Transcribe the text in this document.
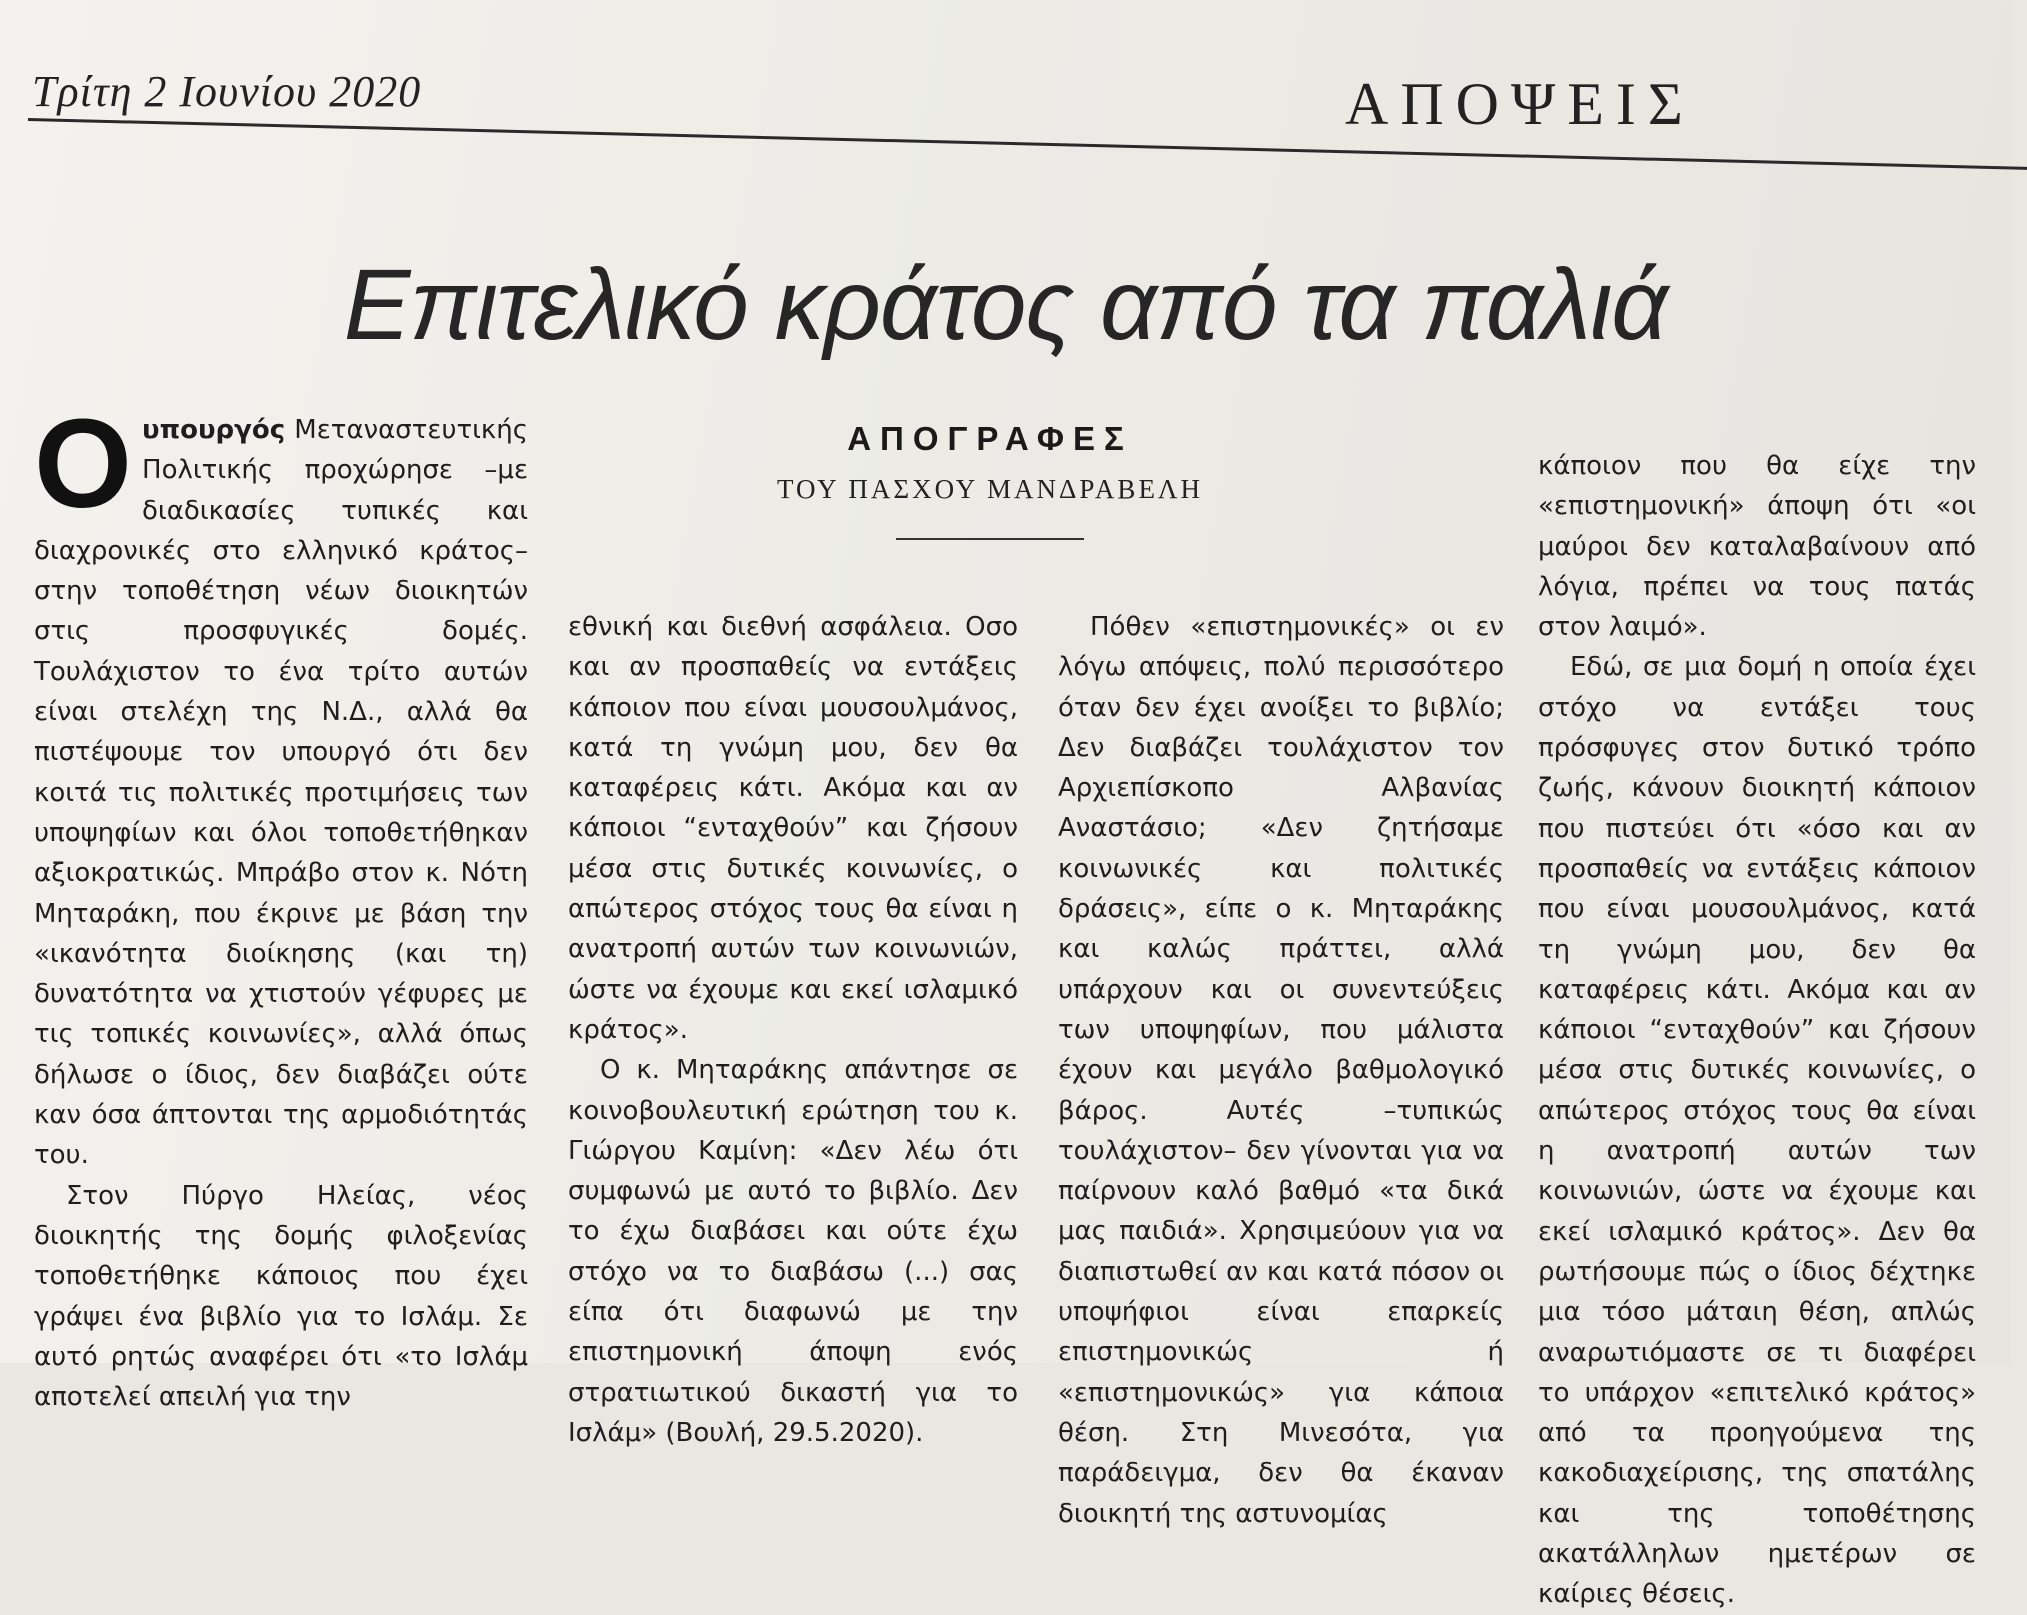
Τρίτη 2 Ιουνίου 2020	ΑΠΟΨΕΙΣ
Επιτελικό κράτος από τα παλιά
ΑΠΟΓΡΑΦΕΣ
ΤΟΥ ΠΑΣΧΟΥ ΜΑΝΔΡΑΒΕΛΗ

Ουπουργός Μεταναστευτικής Πολιτικής προχώρησε –με διαδικασίες τυπικές και διαχρονικές στο ελληνικό κράτος– στην τοποθέτηση νέων διοικητών στις προσφυγικές δομές. Τουλάχιστον το ένα τρίτο αυτών είναι στελέχη της Ν.Δ., αλλά θα πιστέψουμε τον υπουργό ότι δεν κοιτά τις πολιτικές προτιμήσεις των υποψηφίων και όλοι τοποθετήθηκαν αξιοκρατικώς. Μπράβο στον κ. Νότη Μηταράκη, που έκρινε με βάση την «ικανότητα διοίκησης (και τη) δυνατότητα να χτιστούν γέφυρες με τις τοπικές κοινωνίες», αλλά όπως δήλωσε ο ίδιος, δεν διαβάζει ούτε καν όσα άπτονται της αρμοδιότητάς του.

Στον Πύργο Ηλείας, νέος διοικητής της δομής φιλοξενίας τοποθετήθηκε κάποιος που έχει γράψει ένα βιβλίο για το Ισλάμ. Σε αυτό ρητώς αναφέρει ότι «το Ισλάμ αποτελεί απειλή για την

εθνική και διεθνή ασφάλεια. Οσο και αν προσπαθείς να εντάξεις κάποιον που είναι μουσουλμάνος, κατά τη γνώμη μου, δεν θα καταφέρεις κάτι. Ακόμα και αν κάποιοι “ενταχθούν” και ζήσουν μέσα στις δυτικές κοινωνίες, ο απώτερος στόχος τους θα είναι η ανατροπή αυτών των κοινωνιών, ώστε να έχουμε και εκεί ισλαμικό κράτος».

Ο κ. Μηταράκης απάντησε σε κοινοβουλευτική ερώτηση του κ. Γιώργου Καμίνη: «Δεν λέω ότι συμφωνώ με αυτό το βιβλίο. Δεν το έχω διαβάσει και ούτε έχω στόχο να το διαβάσω (...) σας είπα ότι διαφωνώ με την επιστημονική άποψη ενός στρατιωτικού δικαστή για το Ισλάμ» (Βουλή, 29.5.2020).

Πόθεν «επιστημονικές» οι εν λόγω απόψεις, πολύ περισσότερο όταν δεν έχει ανοίξει το βιβλίο; Δεν διαβάζει τουλάχιστον τον Αρχιεπίσκοπο Αλβανίας Αναστάσιο; «Δεν ζητήσαμε κοινωνικές και πολιτικές δράσεις», είπε ο κ. Μηταράκης και καλώς πράττει, αλλά υπάρχουν και οι συνεντεύξεις των υποψηφίων, που μάλιστα έχουν και μεγάλο βαθμολογικό βάρος. Αυτές –τυπικώς τουλάχιστον– δεν γίνονται για να παίρνουν καλό βαθμό «τα δικά μας παιδιά». Χρησιμεύουν για να διαπιστωθεί αν και κατά πόσον οι υποψήφιοι είναι επαρκείς επιστημονικώς ή «επιστημονικώς» για κάποια θέση. Στη Μινεσότα, για παράδειγμα, δεν θα έκαναν διοικητή της αστυνομίας

κάποιον που θα είχε την «επιστημονική» άποψη ότι «οι μαύροι δεν καταλαβαίνουν από λόγια, πρέπει να τους πατάς στον λαιμό».

Εδώ, σε μια δομή η οποία έχει στόχο να εντάξει τους πρόσφυγες στον δυτικό τρόπο ζωής, κάνουν διοικητή κάποιον που πιστεύει ότι «όσο και αν προσπαθείς να εντάξεις κάποιον που είναι μουσουλμάνος, κατά τη γνώμη μου, δεν θα καταφέρεις κάτι. Ακόμα και αν κάποιοι “ενταχθούν” και ζήσουν μέσα στις δυτικές κοινωνίες, ο απώτερος στόχος τους θα είναι η ανατροπή αυτών των κοινωνιών, ώστε να έχουμε και εκεί ισλαμικό κράτος». Δεν θα ρωτήσουμε πώς ο ίδιος δέχτηκε μια τόσο μάταιη θέση, απλώς αναρωτιόμαστε σε τι διαφέρει το υπάρχον «επιτελικό κράτος» από τα προηγούμενα της κακοδιαχείρισης, της σπατάλης και της τοποθέτησης ακατάλληλων ημετέρων σε καίριες θέσεις.
